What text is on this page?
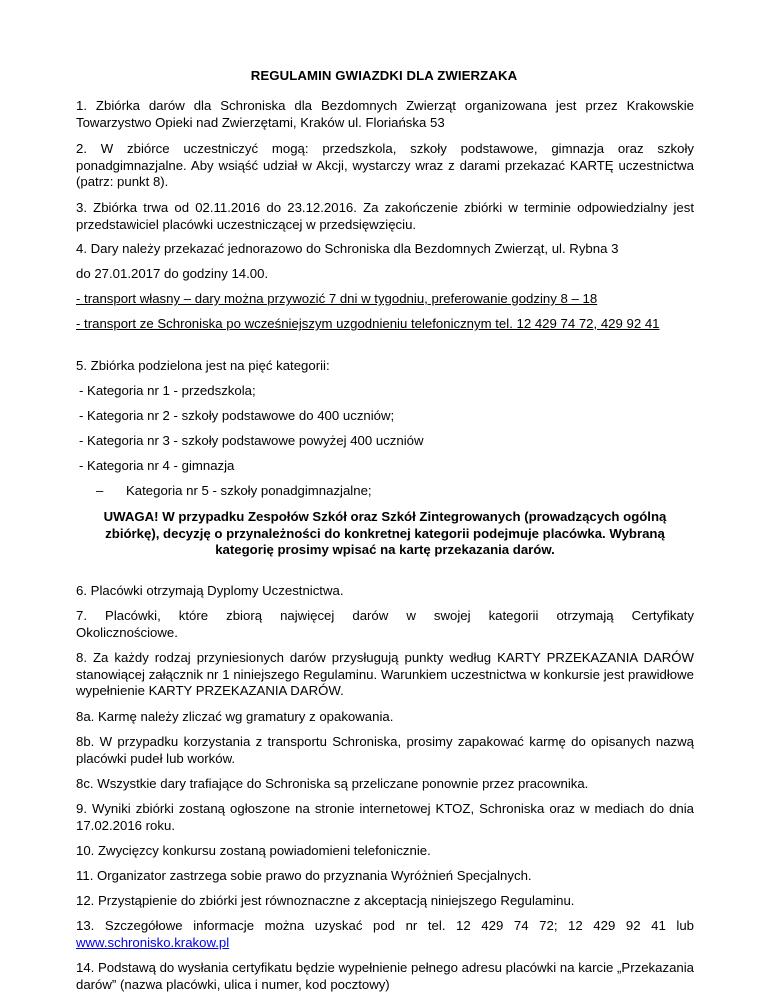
REGULAMIN GWIAZDKI DLA ZWIERZAKA
1. Zbiórka darów dla Schroniska dla Bezdomnych Zwierząt organizowana jest przez Krakowskie Towarzystwo Opieki nad Zwierzętami, Kraków ul. Floriańska 53
2. W zbiórce uczestniczyć mogą: przedszkola, szkoły podstawowe, gimnazja oraz szkoły ponadgimnazjalne. Aby wsiąść udział w Akcji, wystarczy wraz z darami przekazać KARTĘ uczestnictwa (patrz: punkt 8).
3. Zbiórka trwa od 02.11.2016 do 23.12.2016. Za zakończenie zbiórki w terminie odpowiedzialny jest przedstawiciel placówki uczestniczącej w przedsięwzięciu.
4. Dary należy przekazać jednorazowo do Schroniska dla Bezdomnych Zwierząt, ul. Rybna 3
do 27.01.2017 do godziny 14.00.
- transport własny – dary można przywozić 7 dni w tygodniu, preferowanie godziny 8 – 18
- transport ze Schroniska po wcześniejszym uzgodnieniu telefonicznym tel. 12 429 74 72, 429 92 41
5. Zbiórka podzielona jest na pięć kategorii:
- Kategoria nr 1 - przedszkola;
- Kategoria nr 2 - szkoły podstawowe do 400 uczniów;
- Kategoria nr 3 - szkoły podstawowe powyżej 400 uczniów
- Kategoria nr 4 - gimnazja
– Kategoria nr 5 - szkoły ponadgimnazjalne;
UWAGA! W przypadku Zespołów Szkół oraz Szkół Zintegrowanych (prowadzących ogólną zbiórkę), decyzję o przynależności do konkretnej kategorii podejmuje placówka. Wybraną kategorię prosimy wpisać na kartę przekazania darów.
6. Placówki otrzymają Dyplomy Uczestnictwa.
7. Placówki, które zbiorą najwięcej darów w swojej kategorii otrzymają Certyfikaty
Okolicznościowe.
8. Za każdy rodzaj przyniesionych darów przysługują punkty według KARTY PRZEKAZANIA DARÓW stanowiącej załącznik nr 1 niniejszego Regulaminu. Warunkiem uczestnictwa w konkursie jest prawidłowe wypełnienie KARTY PRZEKAZANIA DARÓW.
8a. Karmę należy zliczać wg gramatury z opakowania.
8b. W przypadku korzystania z transportu Schroniska, prosimy zapakować karmę do opisanych nazwą placówki pudeł lub worków.
8c. Wszystkie dary trafiające do Schroniska są przeliczane ponownie przez pracownika.
9. Wyniki zbiórki zostaną ogłoszone na stronie internetowej KTOZ, Schroniska oraz w mediach do dnia 17.02.2016 roku.
10. Zwycięzcy konkursu zostaną powiadomieni telefonicznie.
11. Organizator zastrzega sobie prawo do przyznania Wyróżnień Specjalnych.
12. Przystąpienie do zbiórki jest równoznaczne z akceptacją niniejszego Regulaminu.
13. Szczegółowe informacje można uzyskać pod nr tel. 12 429 74 72; 12 429 92 41 lub www.schronisko.krakow.pl
14. Podstawą do wysłania certyfikatu będzie wypełnienie pełnego adresu placówki na karcie „Przekazania darów” (nazwa placówki, ulica i numer, kod pocztowy)
